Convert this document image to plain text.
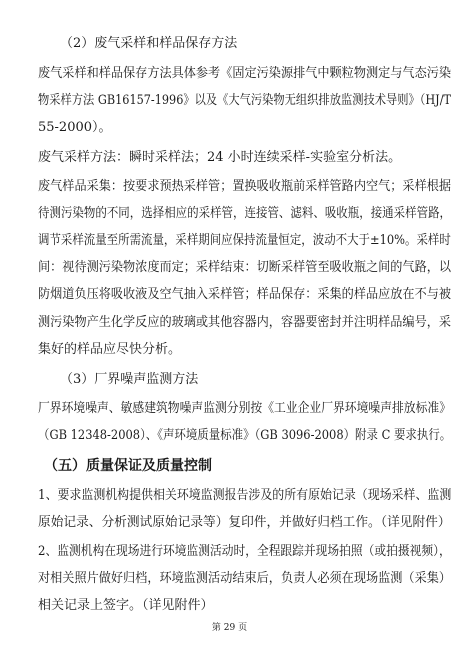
（2）废气采样和样品保存方法
废气采样和样品保存方法具体参考《固定污染源排气中颗粒物测定与气态污染
物采样方法 GB16157-1996》以及《大气污染物无组织排放监测技术导则》（HJ/T
55-2000）。
废气采样方法：瞬时采样法；24 小时连续采样-实验室分析法。
废气样品采集：按要求预热采样管；置换吸收瓶前采样管路内空气；采样根据
待测污染物的不同，选择相应的采样管，连接管、滤料、吸收瓶，接通采样管路，
调节采样流量至所需流量，采样期间应保持流量恒定，波动不大于±10%。采样时
间：视待测污染物浓度而定；采样结束：切断采样管至吸收瓶之间的气路，以
防烟道负压将吸收液及空气抽入采样管；样品保存：采集的样品应放在不与被
测污染物产生化学反应的玻璃或其他容器内，容器要密封并注明样品编号，采
集好的样品应尽快分析。
（3）厂界噪声监测方法
厂界环境噪声、敏感建筑物噪声监测分别按《工业企业厂界环境噪声排放标准》
（GB 12348-2008）、《声环境质量标准》（GB 3096-2008）附录 C 要求执行。
（五）质量保证及质量控制
1、要求监测机构提供相关环境监测报告涉及的所有原始记录（现场采样、监测
原始记录、分析测试原始记录等）复印件，并做好归档工作。（详见附件）
2、监测机构在现场进行环境监测活动时，全程跟踪并现场拍照（或拍摄视频），
对相关照片做好归档，环境监测活动结束后，负责人必须在现场监测（采集）
相关记录上签字。（详见附件）
第 29 页
